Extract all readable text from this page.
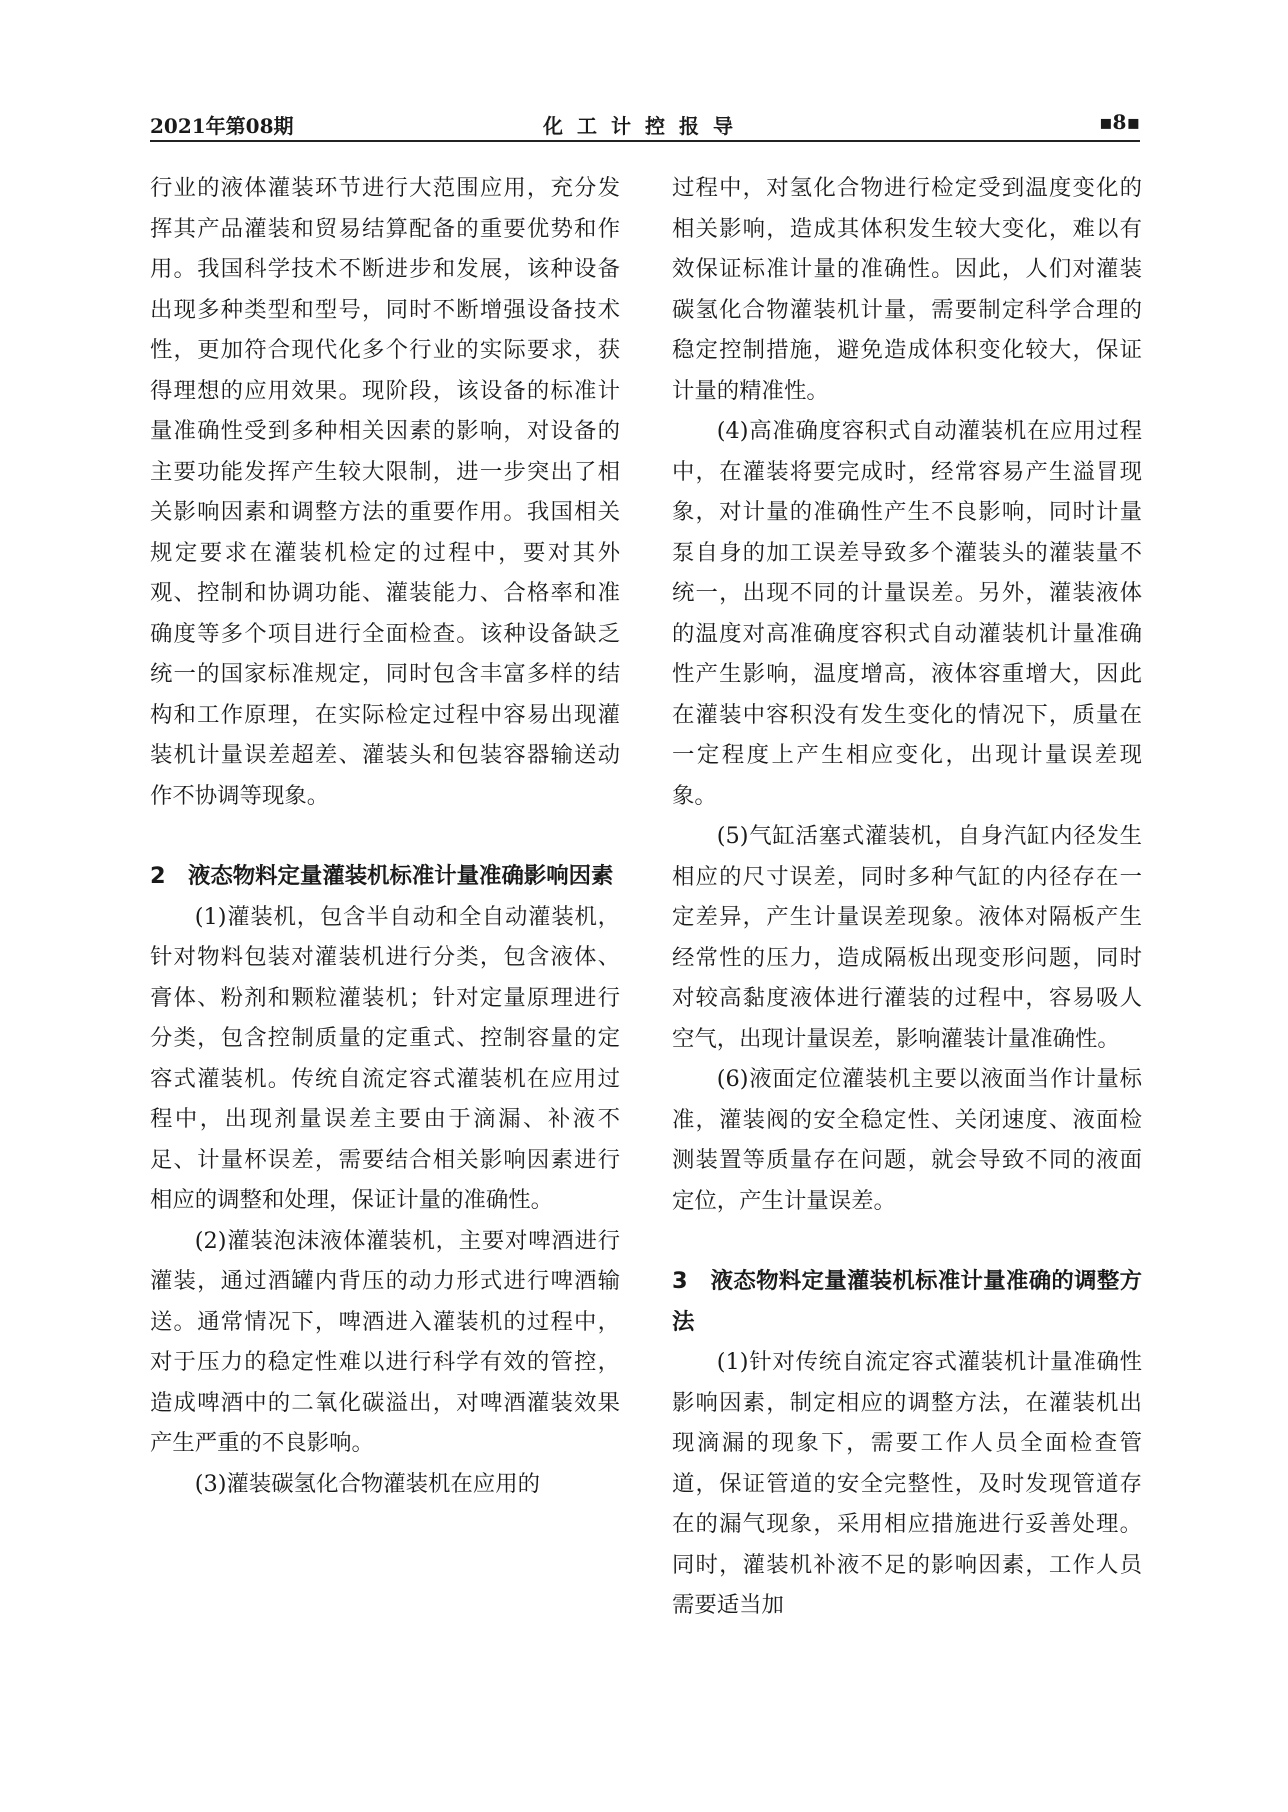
2021年第08期	化工计控报导	▪8▪

行业的液体灌装环节进行大范围应用，充分发挥其产品灌装和贸易结算配备的重要优势和作用。我国科学技术不断进步和发展，该种设备出现多种类型和型号，同时不断增强设备技术性，更加符合现代化多个行业的实际要求，获得理想的应用效果。现阶段，该设备的标准计量准确性受到多种相关因素的影响，对设备的主要功能发挥产生较大限制，进一步突出了相关影响因素和调整方法的重要作用。我国相关规定要求在灌装机检定的过程中，要对其外观、控制和协调功能、灌装能力、合格率和准确度等多个项目进行全面检查。该种设备缺乏统一的国家标准规定，同时包含丰富多样的结构和工作原理，在实际检定过程中容易出现灌装机计量误差超差、灌装头和包装容器输送动作不协调等现象。

2　液态物料定量灌装机标准计量准确影响因素

(1)灌装机，包含半自动和全自动灌装机，针对物料包装对灌装机进行分类，包含液体、膏体、粉剂和颗粒灌装机；针对定量原理进行分类，包含控制质量的定重式、控制容量的定容式灌装机。传统自流定容式灌装机在应用过程中，出现剂量误差主要由于滴漏、补液不足、计量杯误差，需要结合相关影响因素进行相应的调整和处理，保证计量的准确性。

(2)灌装泡沫液体灌装机，主要对啤酒进行灌装，通过酒罐内背压的动力形式进行啤酒输送。通常情况下，啤酒进入灌装机的过程中，对于压力的稳定性难以进行科学有效的管控，造成啤酒中的二氧化碳溢出，对啤酒灌装效果产生严重的不良影响。

(3)灌装碳氢化合物灌装机在应用的

过程中，对氢化合物进行检定受到温度变化的相关影响，造成其体积发生较大变化，难以有效保证标准计量的准确性。因此，人们对灌装碳氢化合物灌装机计量，需要制定科学合理的稳定控制措施，避免造成体积变化较大，保证计量的精准性。

(4)高准确度容积式自动灌装机在应用过程中，在灌装将要完成时，经常容易产生溢冒现象，对计量的准确性产生不良影响，同时计量泵自身的加工误差导致多个灌装头的灌装量不统一，出现不同的计量误差。另外，灌装液体的温度对高准确度容积式自动灌装机计量准确性产生影响，温度增高，液体容重增大，因此在灌装中容积没有发生变化的情况下，质量在一定程度上产生相应变化，出现计量误差现象。

(5)气缸活塞式灌装机，自身汽缸内径发生相应的尺寸误差，同时多种气缸的内径存在一定差异，产生计量误差现象。液体对隔板产生经常性的压力，造成隔板出现变形问题，同时对较高黏度液体进行灌装的过程中，容易吸人空气，出现计量误差，影响灌装计量准确性。

(6)液面定位灌装机主要以液面当作计量标准，灌装阀的安全稳定性、关闭速度、液面检测装置等质量存在问题，就会导致不同的液面定位，产生计量误差。

3　液态物料定量灌装机标准计量准确的调整方法

(1)针对传统自流定容式灌装机计量准确性影响因素，制定相应的调整方法，在灌装机出现滴漏的现象下，需要工作人员全面检查管道，保证管道的安全完整性，及时发现管道存在的漏气现象，采用相应措施进行妥善处理。同时，灌装机补液不足的影响因素，工作人员需要适当加
